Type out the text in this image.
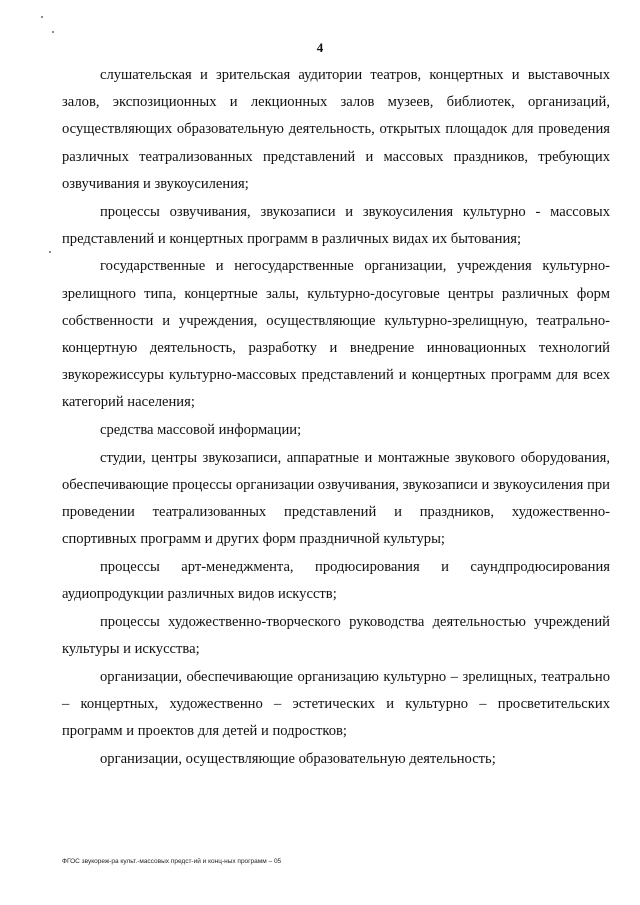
4

слушательская и зрительская аудитории театров, концертных и выставочных залов, экспозиционных и лекционных залов музеев, библиотек, организаций, осуществляющих образовательную деятельность, открытых площадок для проведения различных театрализованных представлений и массовых праздников, требующих озвучивания и звукоусиления;

процессы озвучивания, звукозаписи и звукоусиления культурно - массовых представлений и концертных программ в различных видах их бытования;

государственные и негосударственные организации, учреждения культурно-зрелищного типа, концертные залы, культурно-досуговые центры различных форм собственности и учреждения, осуществляющие культурно-зрелищную, театрально-концертную деятельность, разработку и внедрение инновационных технологий звукорежиссуры культурно-массовых представлений и концертных программ для всех категорий населения;

средства массовой информации;

студии, центры звукозаписи, аппаратные и монтажные звукового оборудования, обеспечивающие процессы организации озвучивания, звукозаписи и звукоусиления при проведении театрализованных представлений и праздников, художественно-спортивных программ и других форм праздничной культуры;

процессы арт-менеджмента, продюсирования и саундпродюсирования аудиопродукции различных видов искусств;

процессы художественно-творческого руководства деятельностью учреждений культуры и искусства;

организации, обеспечивающие организацию культурно – зрелищных, театрально – концертных, художественно – эстетических и культурно – просветительских программ и проектов для детей и подростков;

организации, осуществляющие образовательную деятельность;

ФГОС звукореж-ра культ.-массовых предст-ий и конц-ных программ – 05
